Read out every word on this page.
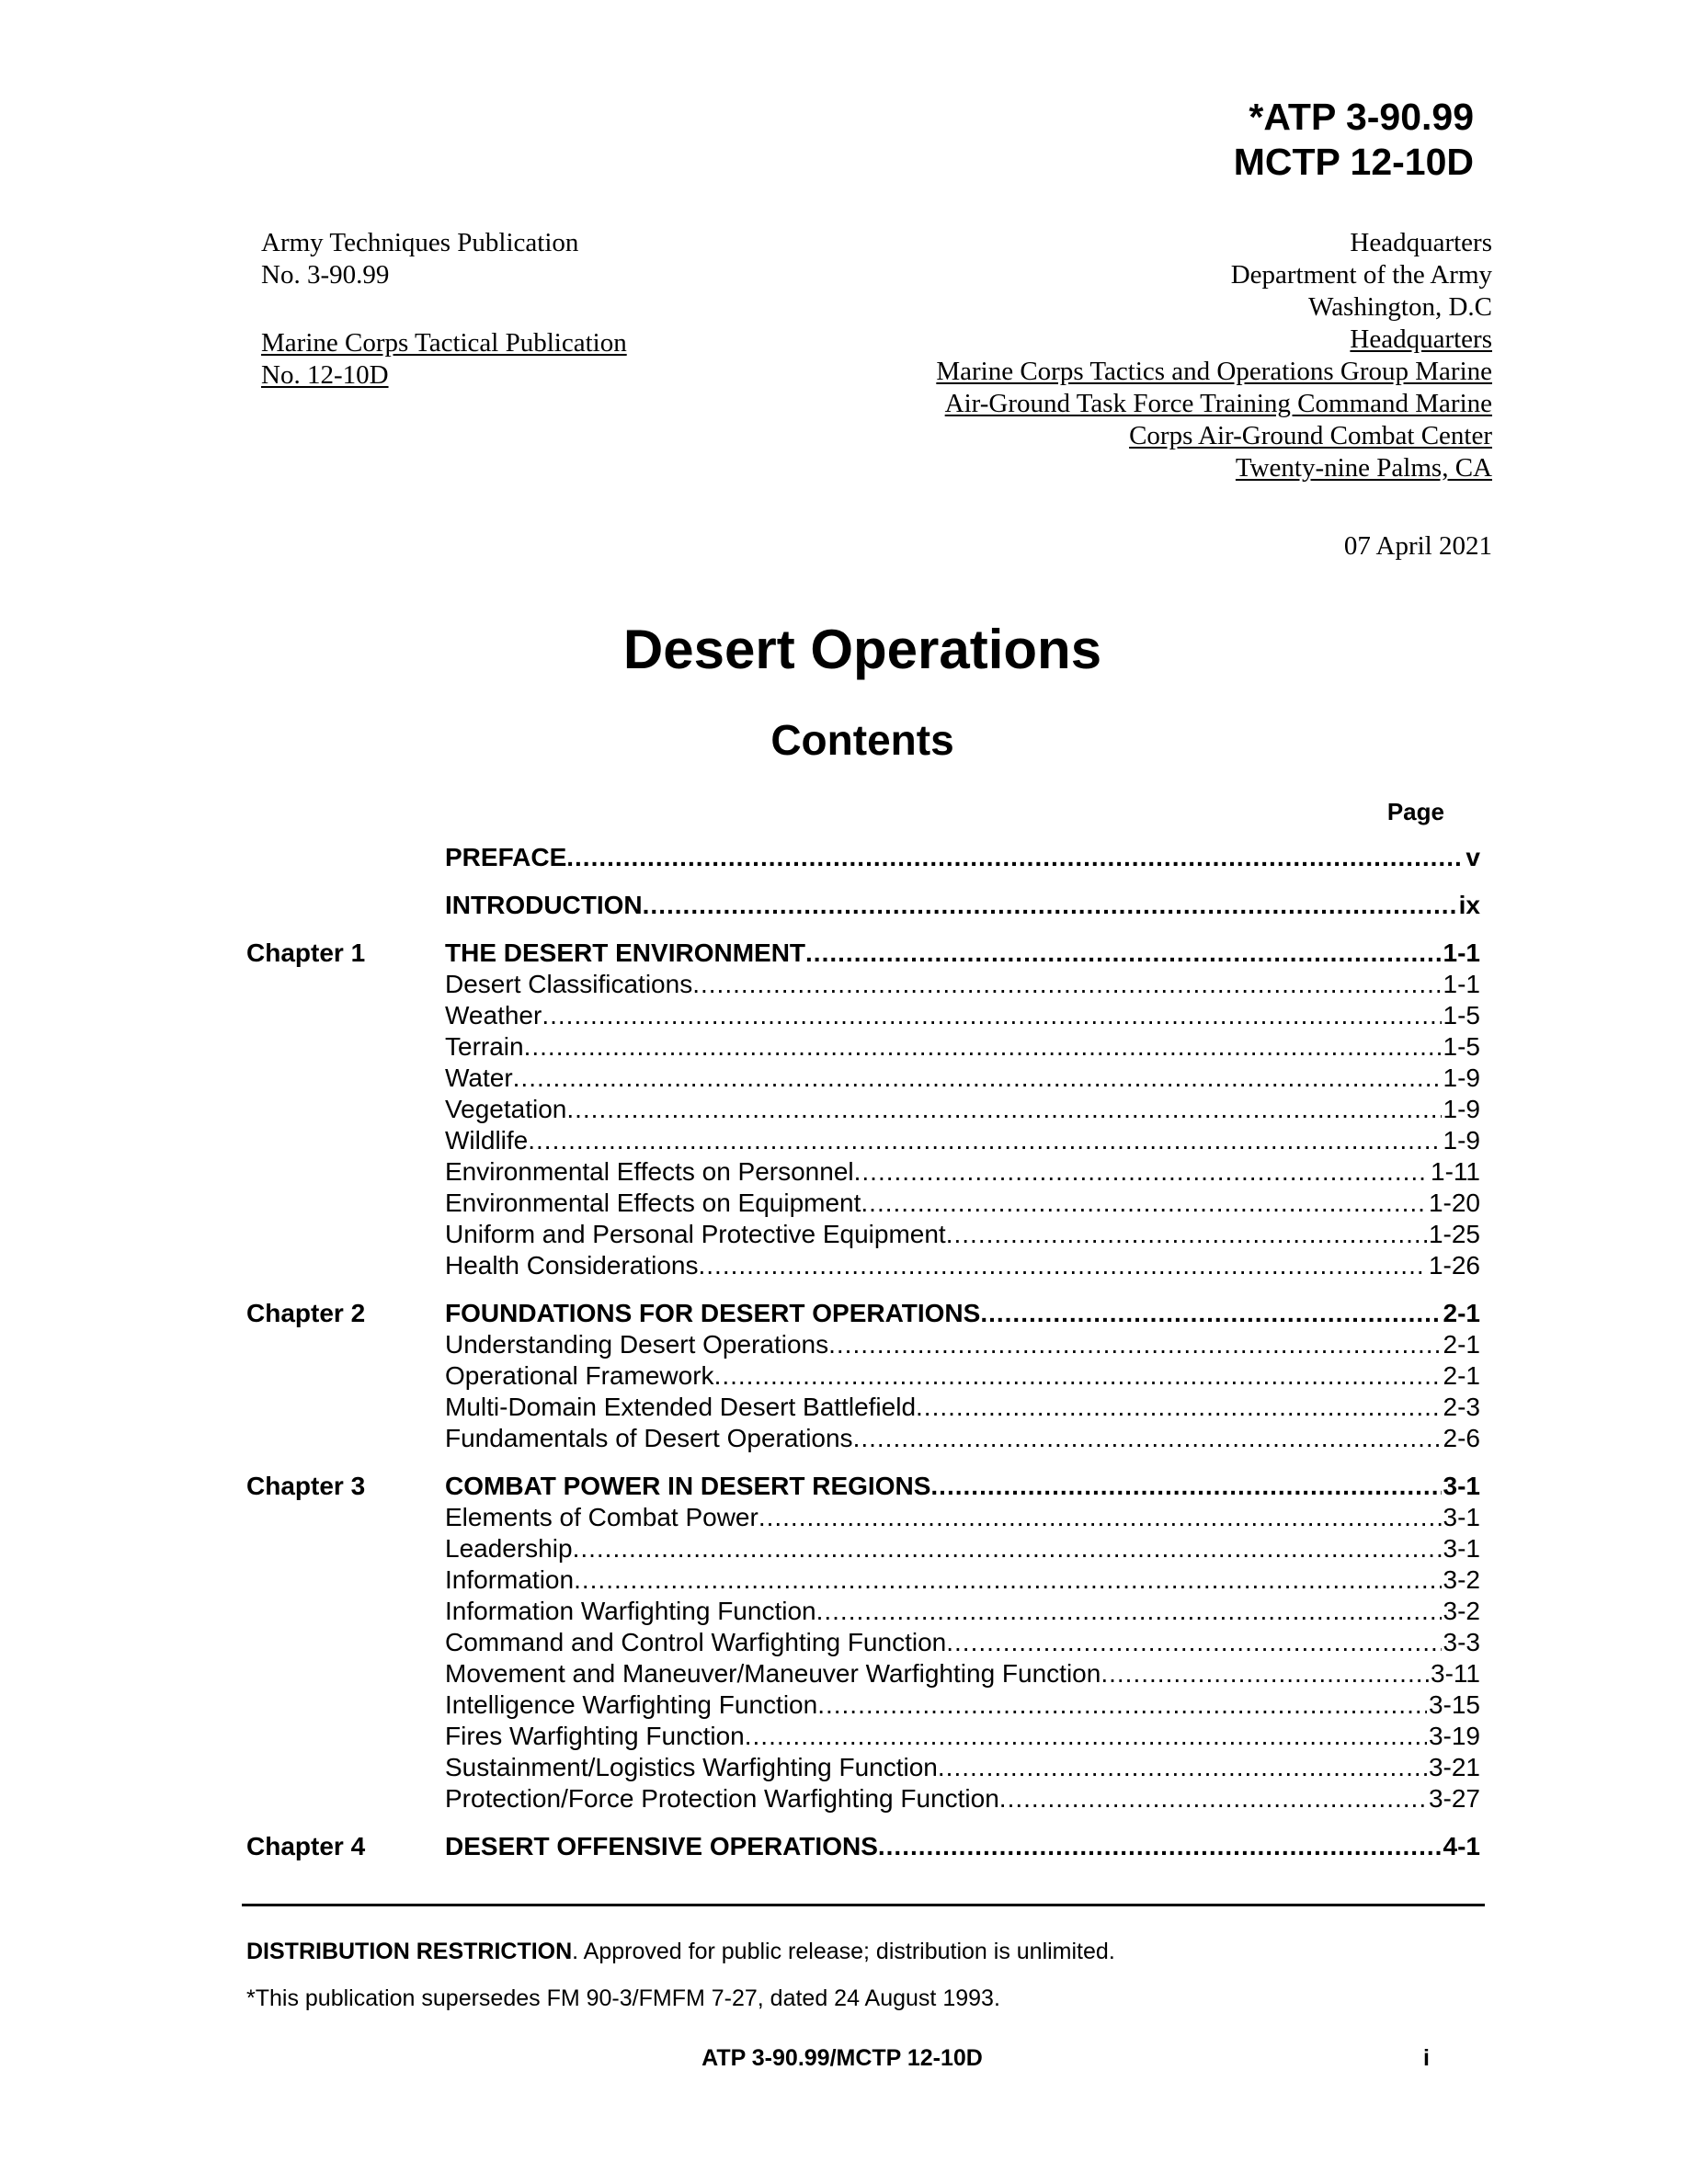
*ATP 3-90.99
MCTP 12-10D
Army Techniques Publication
No. 3-90.99
Marine Corps Tactical Publication
No. 12-10D
Headquarters
Department of the Army
Washington, D.C
Headquarters
Marine Corps Tactics and Operations Group Marine
Air-Ground Task Force Training Command Marine
Corps Air-Ground Combat Center
Twenty-nine Palms, CA
07 April 2021
Desert Operations
Contents
Page
PREFACE .....	v
INTRODUCTION .....	ix
Chapter 1	THE DESERT ENVIRONMENT .....	1-1
Desert Classifications .....	1-1
Weather .....	1-5
Terrain .....	1-5
Water .....	1-9
Vegetation .....	1-9
Wildlife .....	1-9
Environmental Effects on Personnel .....	1-11
Environmental Effects on Equipment .....	1-20
Uniform and Personal Protective Equipment .....	1-25
Health Considerations .....	1-26
Chapter 2	FOUNDATIONS FOR DESERT OPERATIONS .....	2-1
Understanding Desert Operations .....	2-1
Operational Framework .....	2-1
Multi-Domain Extended Desert Battlefield .....	2-3
Fundamentals of Desert Operations .....	2-6
Chapter 3	COMBAT POWER IN DESERT REGIONS .....	3-1
Elements of Combat Power .....	3-1
Leadership .....	3-1
Information .....	3-2
Information Warfighting Function .....	3-2
Command and Control Warfighting Function .....	3-3
Movement and Maneuver/Maneuver Warfighting Function .....	3-11
Intelligence Warfighting Function .....	3-15
Fires Warfighting Function .....	3-19
Sustainment/Logistics Warfighting Function .....	3-21
Protection/Force Protection Warfighting Function .....	3-27
Chapter 4	DESERT OFFENSIVE OPERATIONS .....	4-1
DISTRIBUTION RESTRICTION. Approved for public release; distribution is unlimited.
*This publication supersedes FM 90-3/FMFM 7-27, dated 24 August 1993.
ATP 3-90.99/MCTP 12-10D	i
